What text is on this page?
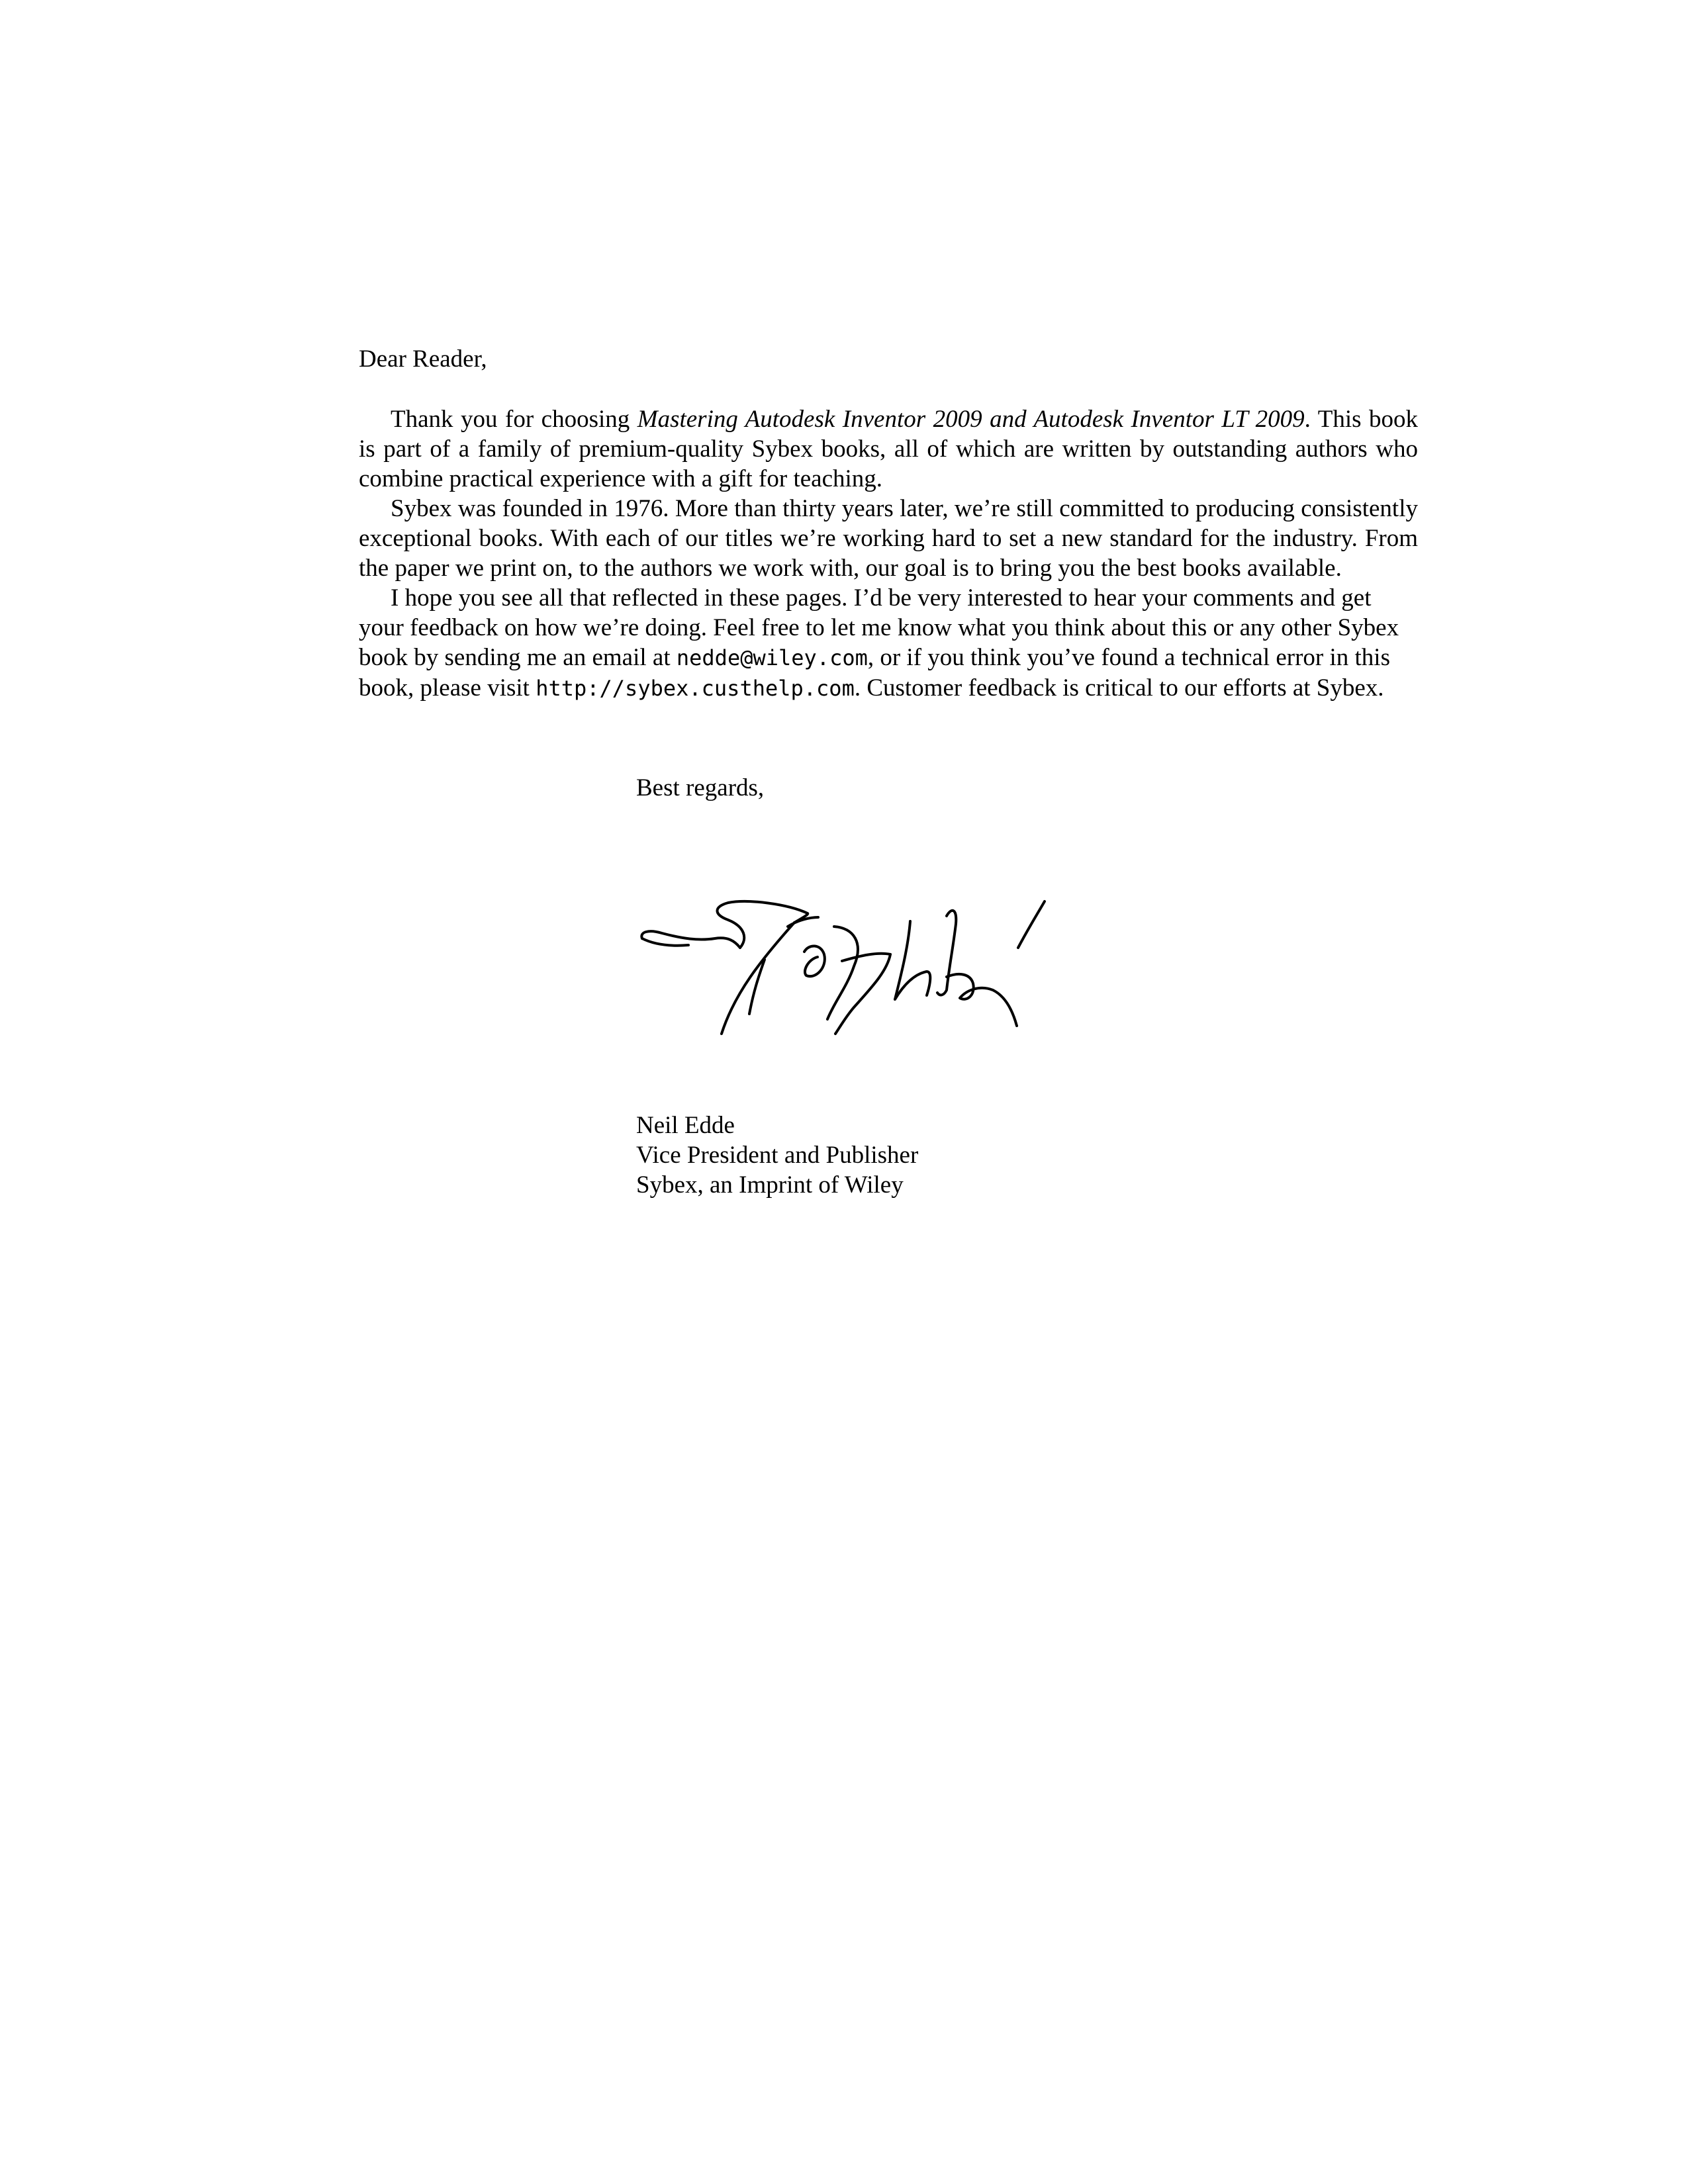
Dear Reader,

Thank you for choosing Mastering Autodesk Inventor 2009 and Autodesk Inventor LT 2009. This book is part of a family of premium-quality Sybex books, all of which are written by outstanding authors who combine practical experience with a gift for teaching.

Sybex was founded in 1976. More than thirty years later, we’re still committed to producing consistently exceptional books. With each of our titles we’re working hard to set a new standard for the industry. From the paper we print on, to the authors we work with, our goal is to bring you the best books available.

I hope you see all that reflected in these pages. I’d be very interested to hear your comments and get your feedback on how we’re doing. Feel free to let me know what you think about this or any other Sybex book by sending me an email at nedde@wiley.com, or if you think you’ve found a technical error in this book, please visit http://sybex.custhelp.com. Customer feedback is critical to our efforts at Sybex.

Best regards,
Neil Edde
Vice President and Publisher
Sybex, an Imprint of Wiley
